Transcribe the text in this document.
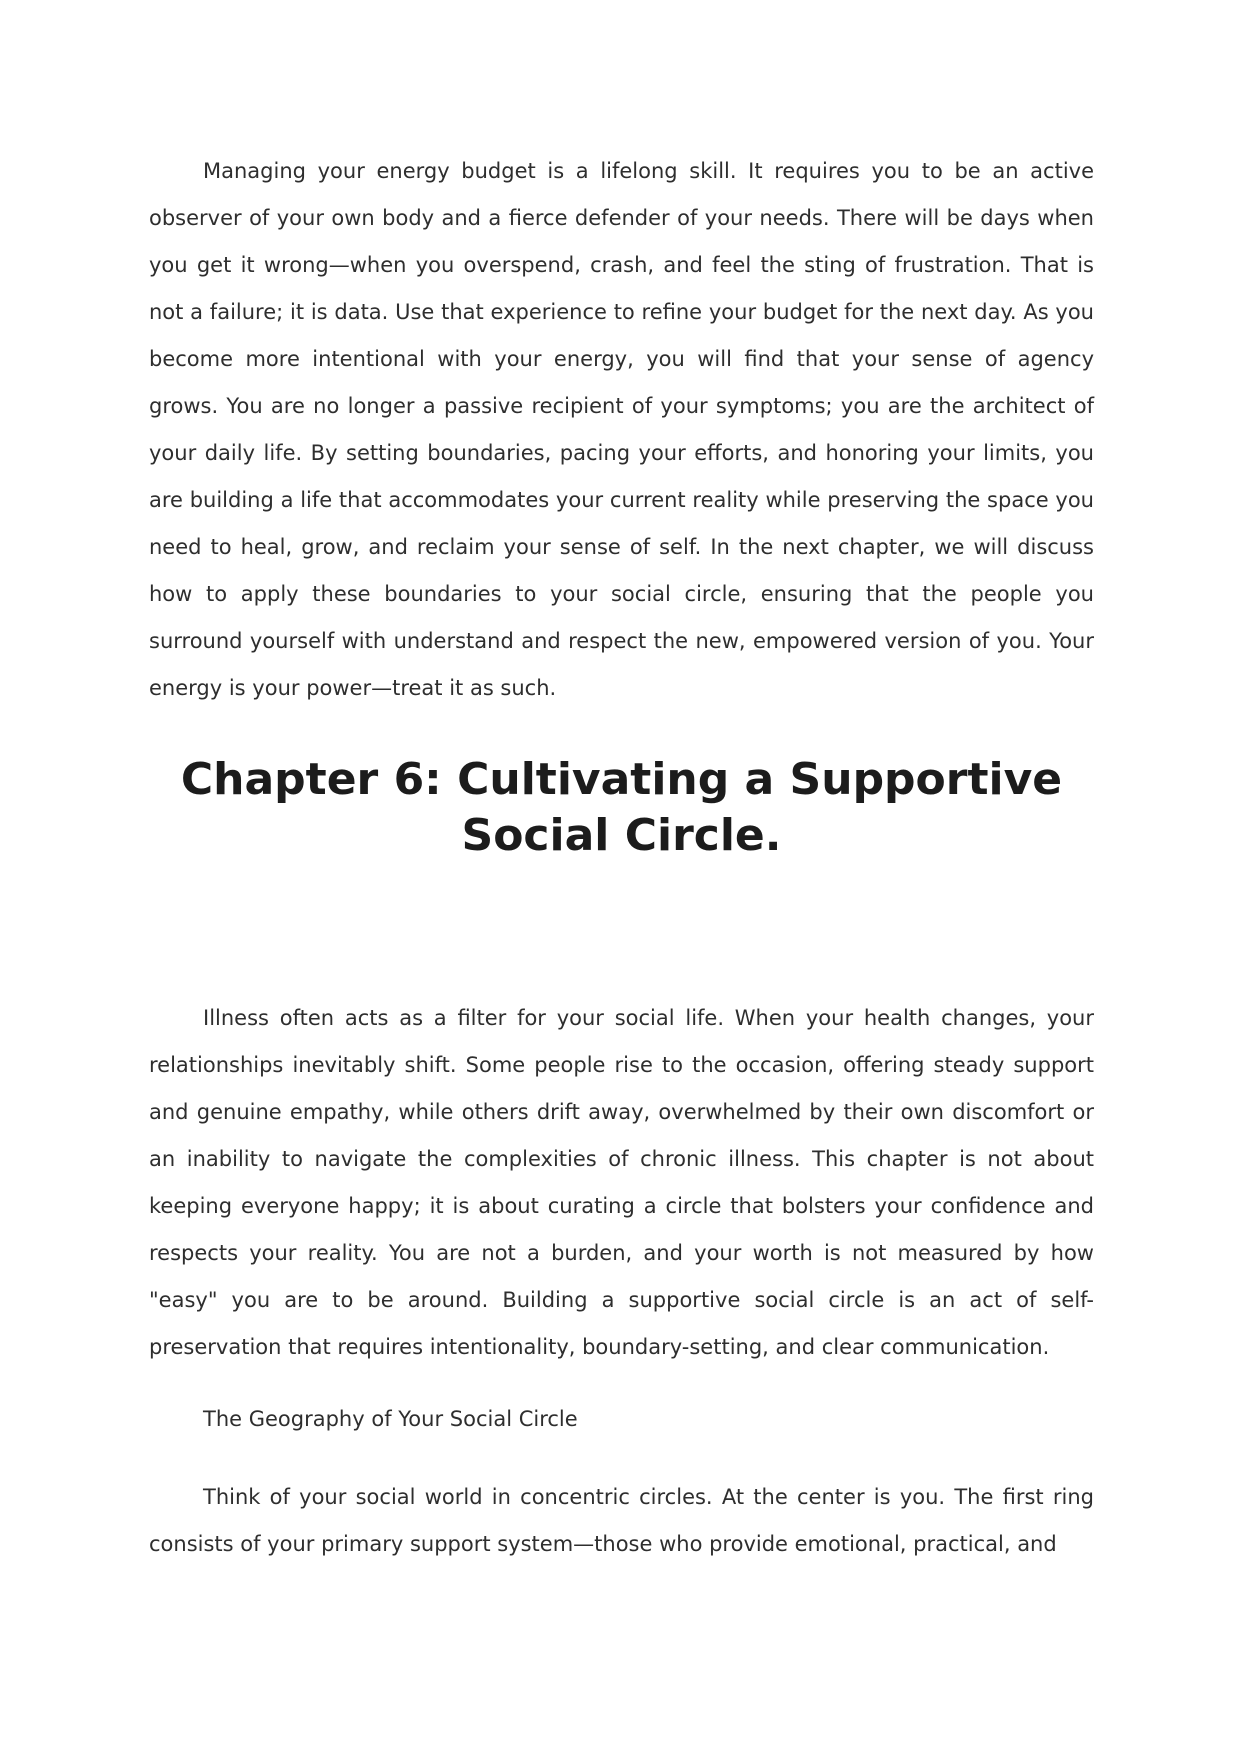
Managing your energy budget is a lifelong skill. It requires you to be an active observer of your own body and a fierce defender of your needs. There will be days when you get it wrong—when you overspend, crash, and feel the sting of frustration. That is not a failure; it is data. Use that experience to refine your budget for the next day. As you become more intentional with your energy, you will find that your sense of agency grows. You are no longer a passive recipient of your symptoms; you are the architect of your daily life. By setting boundaries, pacing your efforts, and honoring your limits, you are building a life that accommodates your current reality while preserving the space you need to heal, grow, and reclaim your sense of self. In the next chapter, we will discuss how to apply these boundaries to your social circle, ensuring that the people you surround yourself with understand and respect the new, empowered version of you. Your energy is your power—treat it as such.

Chapter 6: Cultivating a Supportive Social Circle.

Illness often acts as a filter for your social life. When your health changes, your relationships inevitably shift. Some people rise to the occasion, offering steady support and genuine empathy, while others drift away, overwhelmed by their own discomfort or an inability to navigate the complexities of chronic illness. This chapter is not about keeping everyone happy; it is about curating a circle that bolsters your confidence and respects your reality. You are not a burden, and your worth is not measured by how "easy" you are to be around. Building a supportive social circle is an act of self-preservation that requires intentionality, boundary-setting, and clear communication.

The Geography of Your Social Circle

Think of your social world in concentric circles. At the center is you. The first ring consists of your primary support system—those who provide emotional, practical, and
